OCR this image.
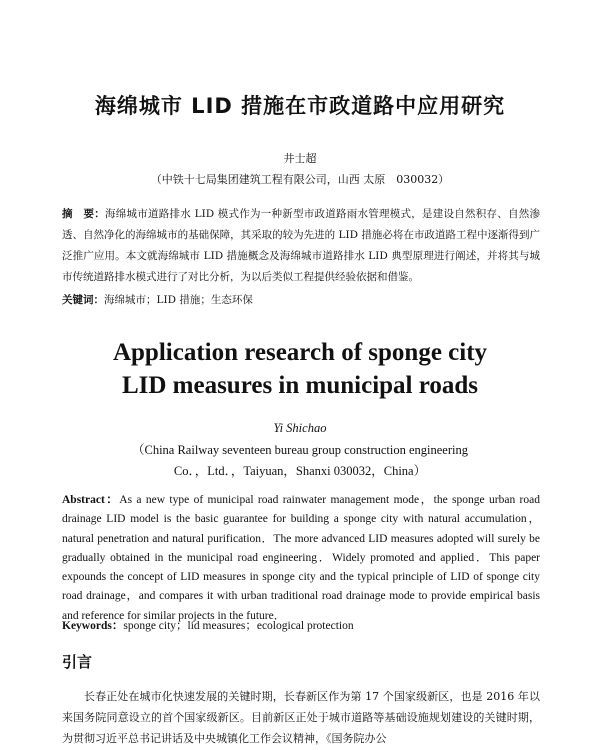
海绵城市 LID 措施在市政道路中应用研究
井士超
（中铁十七局集团建筑工程有限公司，山西 太原　030032）
摘　要：海绵城市道路排水 LID 模式作为一种新型市政道路雨水管理模式，是建设自然积存、自然渗透、自然净化的海绵城市的基础保障，其采取的较为先进的 LID 措施必将在市政道路工程中逐渐得到广泛推广应用。本文就海绵城市 LID 措施概念及海绵城市道路排水 LID 典型原理进行阐述，并将其与城市传统道路排水模式进行了对比分析，为以后类似工程提供经验依据和借鉴。
关键词：海绵城市；LID 措施；生态环保
Application research of sponge city LID measures in municipal roads
Yi Shichao
（China Railway seventeen bureau group construction engineering
Co．，Ltd．，Taiyuan，Shanxi 030032，China）
Abstract：As a new type of municipal road rainwater management mode，the sponge urban road drainage LID model is the basic guarantee for building a sponge city with natural accumulation，natural penetration and natural purification．The more advanced LID measures adopted will surely be gradually obtained in the municipal road engineering．Widely promoted and applied．This paper expounds the concept of LID measures in sponge city and the typical principle of LID of sponge city road drainage，and compares it with urban traditional road drainage mode to provide empirical basis and reference for similar projects in the future．
Keywords：sponge city；lid measures；ecological protection
引言
长春正处在城市化快速发展的关键时期，长春新区作为第 17 个国家级新区，也是 2016 年以来国务院同意设立的首个国家级新区。目前新区正处于城市道路等基础设施规划建设的关键时期，为贯彻习近平总书记讲话及中央城镇化工作会议精神，《国务院办公
